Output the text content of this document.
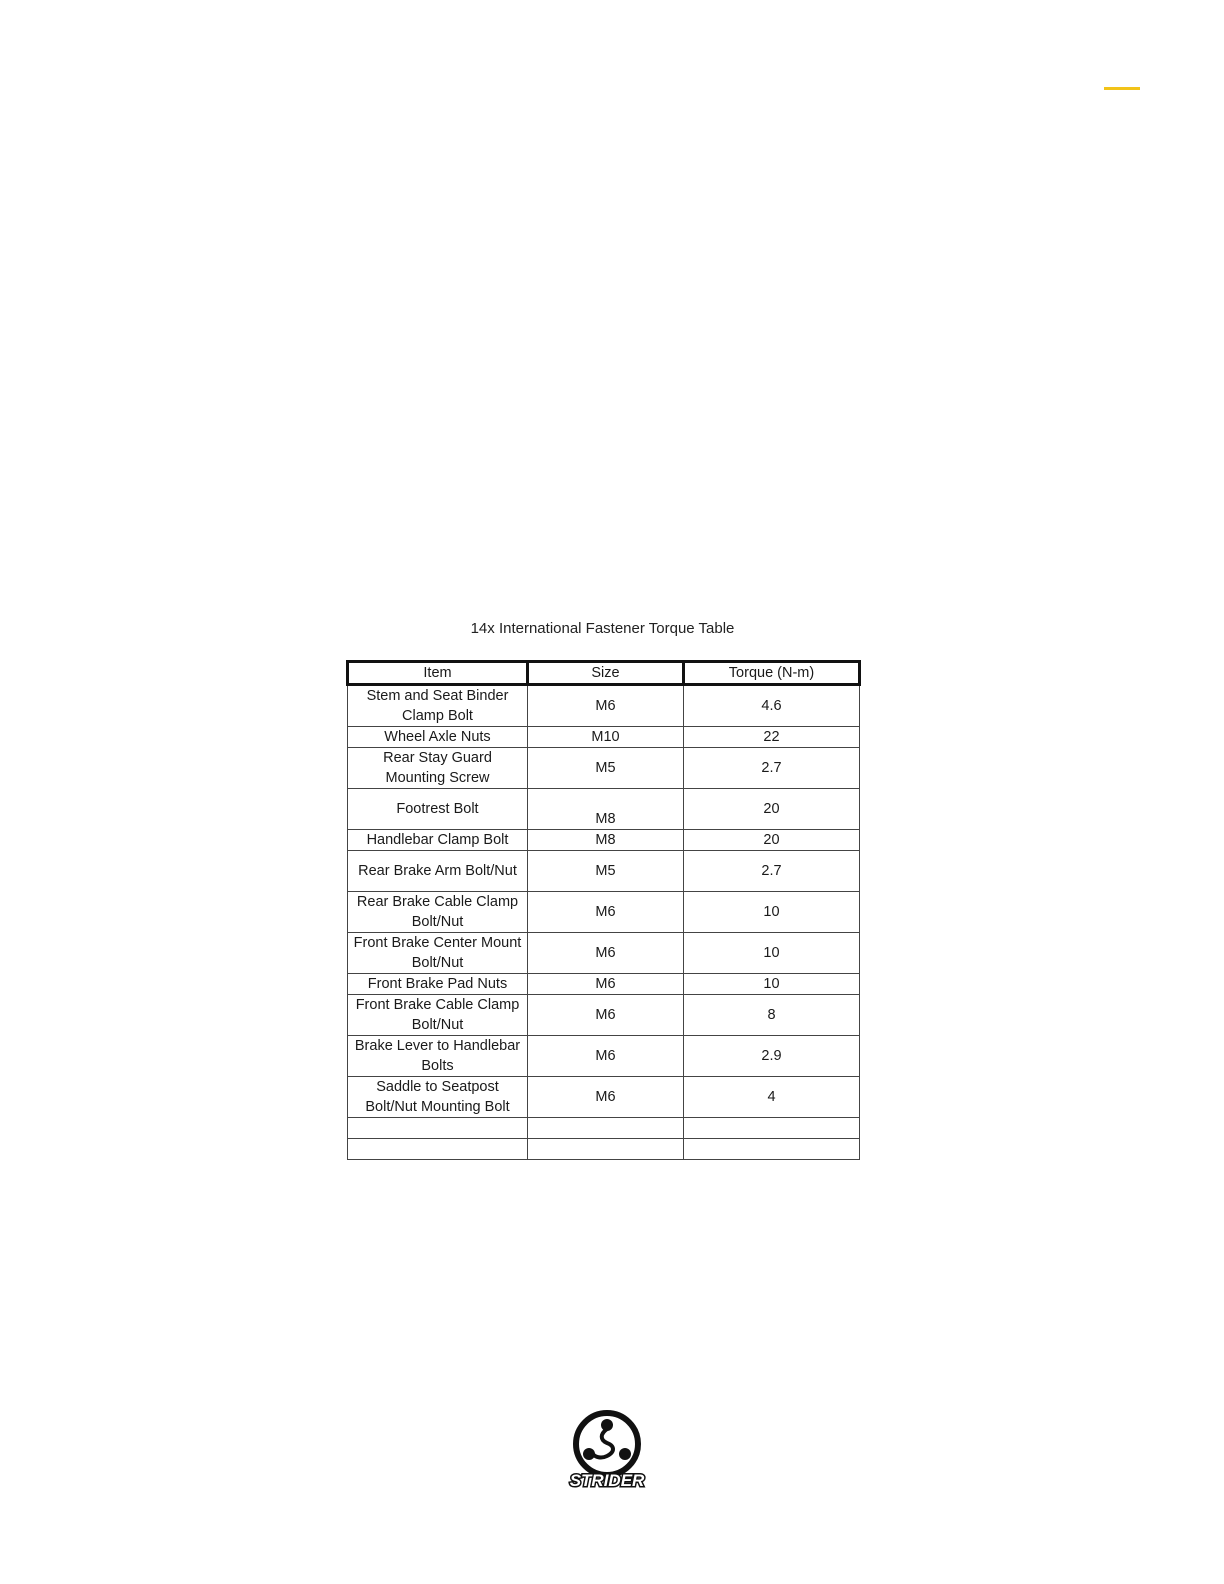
14x International Fastener Torque Table
Item	Size	Torque (N-m)
Stem and Seat Binder Clamp Bolt	M6	4.6
Wheel Axle Nuts	M10	22
Rear Stay Guard Mounting Screw	M5	2.7
Footrest Bolt	M8	20
Handlebar Clamp Bolt	M8	20
Rear Brake Arm Bolt/Nut	M5	2.7
Rear Brake Cable Clamp Bolt/Nut	M6	10
Front Brake Center Mount Bolt/Nut	M6	10
Front Brake Pad Nuts	M6	10
Front Brake Cable Clamp Bolt/Nut	M6	8
Brake Lever to Handlebar Bolts	M6	2.9
Saddle to Seatpost Bolt/Nut Mounting Bolt	M6	4

STRIDER
